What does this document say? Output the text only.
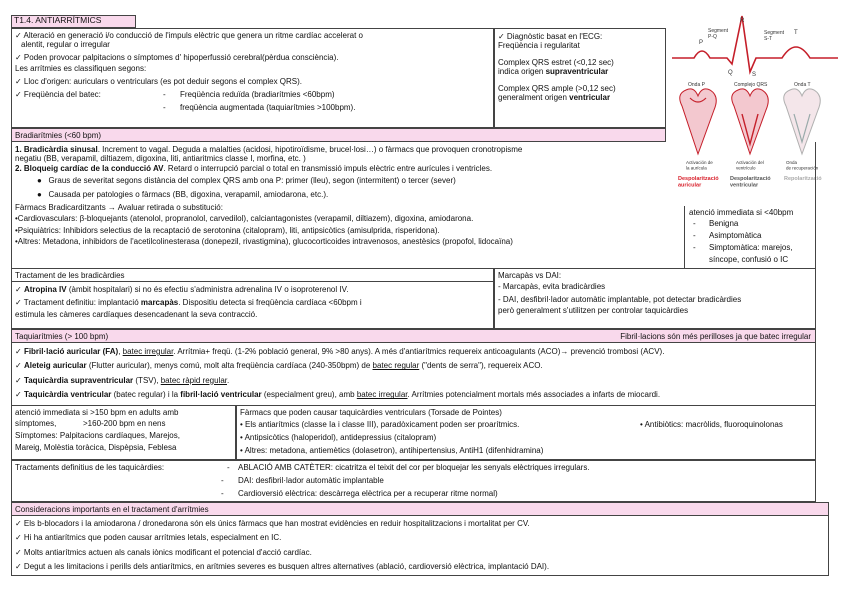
T1.4. ANTIARRÍTMICS
✓ Alteració en generació i/o conducció de l'impuls elèctric que genera un ritme cardíac accelerat o
alentit, regular o irregular
✓ Poden provocar palpitacions o símptomes d' hipoperfussió cerebral(pèrdua consciència).
Les arrítmies es classifiquen segons:
✓ Lloc d'origen: auriculars o ventriculars (es pot deduir segons el complex QRS).
✓ Freqüència del batec:	- Freqüència reduïda (bradiarítmies <60bpm)
- freqüència augmentada (taquiarítmies >100bpm).
✓ Diagnòstic basat en l'ECG:
Freqüència i regularitat
Complex QRS estret (<0,12 sec)
indica origen supraventricular
Complex QRS ample (>0,12 sec)
generalment origen ventricular
R
P
Q	S
T
Segment P-Q
Segment S-T
Onda P	Complejo QRS	Onda T
Activación de la aurícula
Activación del ventrículo
Onda de recuperación
Despolarització auricular
Despolarització ventricular
Repolarització
Bradiarítmies (<60 bpm)
1. Bradicàrdia sinusal. Increment to vagal. Deguda a malalties (acidosi, hipotiroïdisme, brucel·losi…) o fàrmacs que provoquen cronotropisme
negatiu (BB, verapamil, diltiazem, digoxina, liti, antiaritmics classe I, morfina, etc. )
2. Bloqueig cardíac de la conducció AV. Retard o interrupció parcial o total en transmissió impuls elèctric entre aurícules i ventricles.
●   Graus de severitat segons distància del complex QRS amb ona P: primer (lleu), segon (intermitent) o tercer (sever)
●   Causada per patologies o fàrmacs (BB, digoxina, verapamil, amiodarona, etc.).
Fàrmacs Bradicarditzants → Avaluar retirada o substitució:
•Cardiovasculars: β-bloquejants (atenolol, propranolol, carvedilol), calciantagonistes (verapamil, diltiazem), digoxina, amiodarona.
•Psiquiàtrics: Inhibidors selectius de la recaptació de serotonina (citalopram), liti, antipsicòtics (amisulprida, risperidona).
•Altres: Metadona, inhibidors de l'acetilcolinesterasa (donepezil, rivastigmina), glucocorticoides intravenosos, anestèsics (propofol, lidocaïna)
atenció immediata si <40bpm
- Benigna
- Asimptomàtica
- Simptomàtica: marejos,
síncope, confusió o IC
Tractament de les bradicàrdies
✓ Atropina IV (àmbit hospitalari) si no és efectiu s'administra adrenalina IV o isoproterenol IV.
✓ Tractament definitiu: implantació marcapàs. Dispositiu detecta si freqüència cardíaca <60bpm i
estimula les càmeres cardíaques desencadenant la seva contracció.
Marcapàs vs DAI:
- Marcapàs, evita bradicàrdies
- DAI, desfibril·lador automàtic implantable, pot detectar bradicàrdies
però generalment s'utilitzen per controlar taquicàrdies
Taquiarítmies (> 100 bpm)	Fibril·lacions són més perilloses ja que batec irregular
✓ Fibril·lació auricular (FA), batec irregular. Arrítmia+ freqü. (1-2% població general, 9% >80 anys). A més d'antiarítmics requereix anticoagulants (ACO)→ prevenció trombosi (ACV).
✓ Aleteig auricular (Flutter auricular), menys comú, molt alta freqüència cardíaca (240-350bpm) de batec regular ("dents de serra"), requereix ACO.
✓ Taquicàrdia supraventricular (TSV), batec ràpid regular.
✓ Taquicàrdia ventricular (batec regular) i la fibril·lació ventricular (especialment greu), amb batec irregular. Arrítmies potencialment mortals més associades a infarts de miocardi.
atenció immediata si >150 bpm en adults amb
símptomes,	>160-200 bpm en nens
Símptomes: Palpitacions cardíaques, Marejos,
Mareig, Molèstia toràcica, Dispèpsia, Feblesa
Fàrmacs que poden causar taquicàrdies ventriculars (Torsade de Pointes)
• Els antiarítmics (classe Ia i classe III), paradòxicament poden ser proarítmics.	• Antibiòtics: macròlids, fluoroquinolonas
• Antipsicòtics (haloperidol), antidepressius (citalopram)
• Altres: metadona, antiemètics (dolasetron), antihipertensius, AntiH1 (difenhidramina)
Tractaments definitius de les taquicàrdies:	- ABLACIÓ AMB CATÈTER: cicatritza el teixit del cor per bloquejar les senyals elèctriques irregulars.
- DAI: desfibril·lador automàtic implantable
- Cardioversió elèctrica: descàrrega elèctrica per a recuperar ritme normal)
Consideracions importants en el tractament d'arrítmies
✓ Els b-blocadors i la amiodarona / dronedarona són els únics fàrmacs que han mostrat evidències en reduir hospitalitzacions i mortalitat per CV.
✓ Hi ha antiarítmics que poden causar arrítmies letals, especialment en IC.
✓ Molts antiarítmics actuen als canals iònics modificant el potencial d'acció cardíac.
✓ Degut a les limitacions i perills dels antiarítmics, en arítmies severes es busquen altres alternatives (ablació, cardioversió elèctrica, implantació DAI).
